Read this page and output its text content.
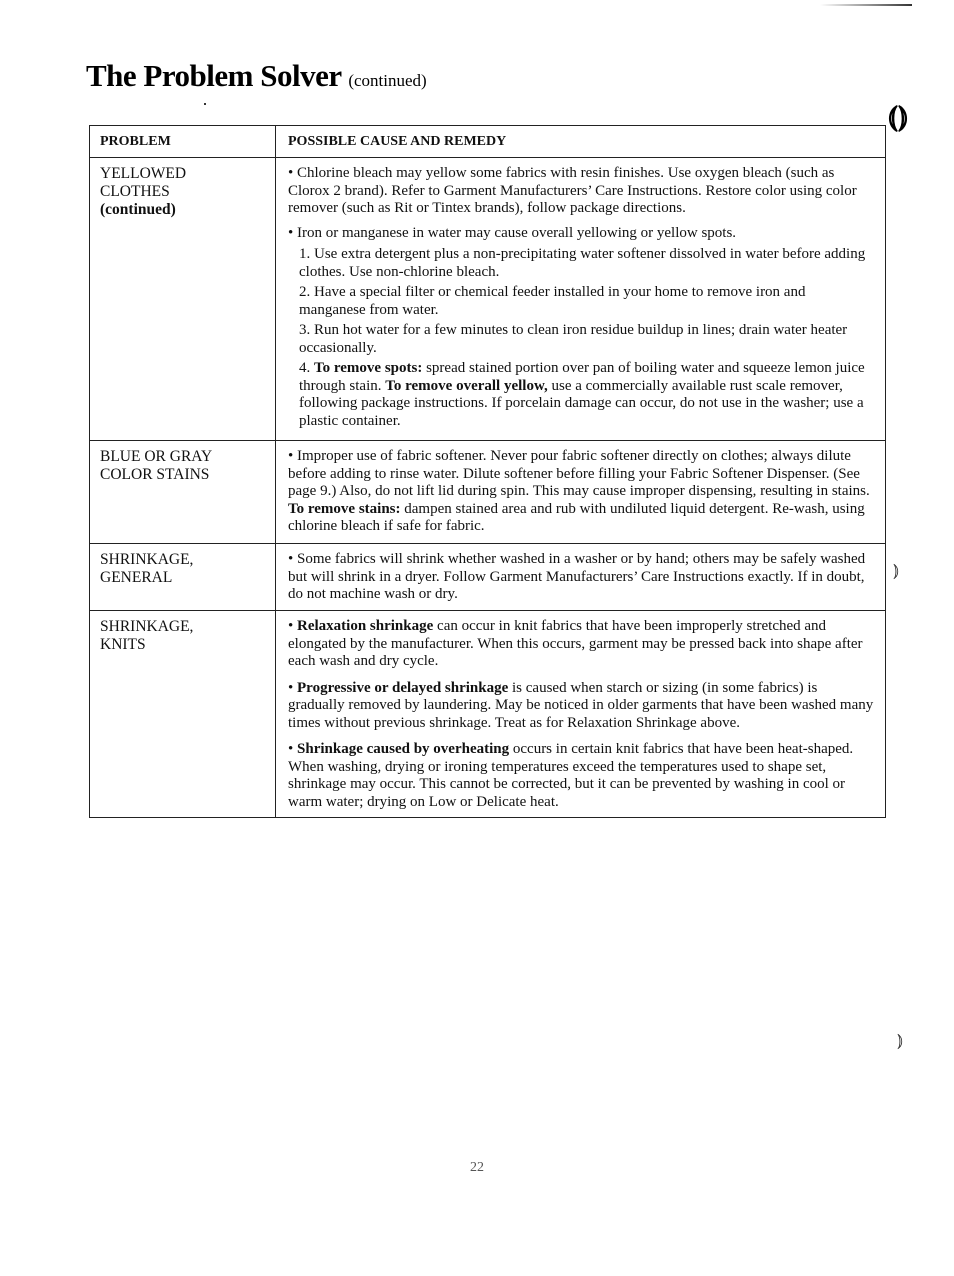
The Problem Solver (continued)
⦅⦆
⦆
⦆
PROBLEM	POSSIBLE CAUSE AND REMEDY
YELLOWED
CLOTHES
(continued)

• Chlorine bleach may yellow some fabrics with resin finishes. Use oxygen bleach (such as Clorox 2 brand). Refer to Garment Manufacturers’ Care Instructions. Restore color using color remover (such as Rit or Tintex brands), follow package directions.

• Iron or manganese in water may cause overall yellowing or yellow spots.

1. Use extra detergent plus a non-precipitating water softener dissolved in water before adding clothes. Use non-chlorine bleach.

2. Have a special filter or chemical feeder installed in your home to remove iron and manganese from water.

3. Run hot water for a few minutes to clean iron residue buildup in lines; drain water heater occasionally.

4. To remove spots: spread stained portion over pan of boiling water and squeeze lemon juice through stain. To remove overall yellow, use a commercially available rust scale remover, following package instructions. If porcelain damage can occur, do not use in the washer; use a plastic container.

BLUE OR GRAY
COLOR STAINS

• Improper use of fabric softener. Never pour fabric softener directly on clothes; always dilute before adding to rinse water. Dilute softener before filling your Fabric Softener Dispenser. (See page 9.) Also, do not lift lid during spin. This may cause improper dispensing, resulting in stains. To remove stains: dampen stained area and rub with undiluted liquid detergent. Re-wash, using chlorine bleach if safe for fabric.

SHRINKAGE,
GENERAL

• Some fabrics will shrink whether washed in a washer or by hand; others may be safely washed but will shrink in a dryer. Follow Garment Manufacturers’ Care Instructions exactly. If in doubt, do not machine wash or dry.

SHRINKAGE,
KNITS

• Relaxation shrinkage can occur in knit fabrics that have been improperly stretched and elongated by the manufacturer. When this occurs, garment may be pressed back into shape after each wash and dry cycle.

• Progressive or delayed shrinkage is caused when starch or sizing (in some fabrics) is gradually removed by laundering. May be noticed in older garments that have been washed many times without previous shrinkage. Treat as for Relaxation Shrinkage above.

• Shrinkage caused by overheating occurs in certain knit fabrics that have been heat-shaped. When washing, drying or ironing temperatures exceed the temperatures used to shape set, shrinkage may occur. This cannot be corrected, but it can be prevented by washing in cool or warm water; drying on Low or Delicate heat.

22
